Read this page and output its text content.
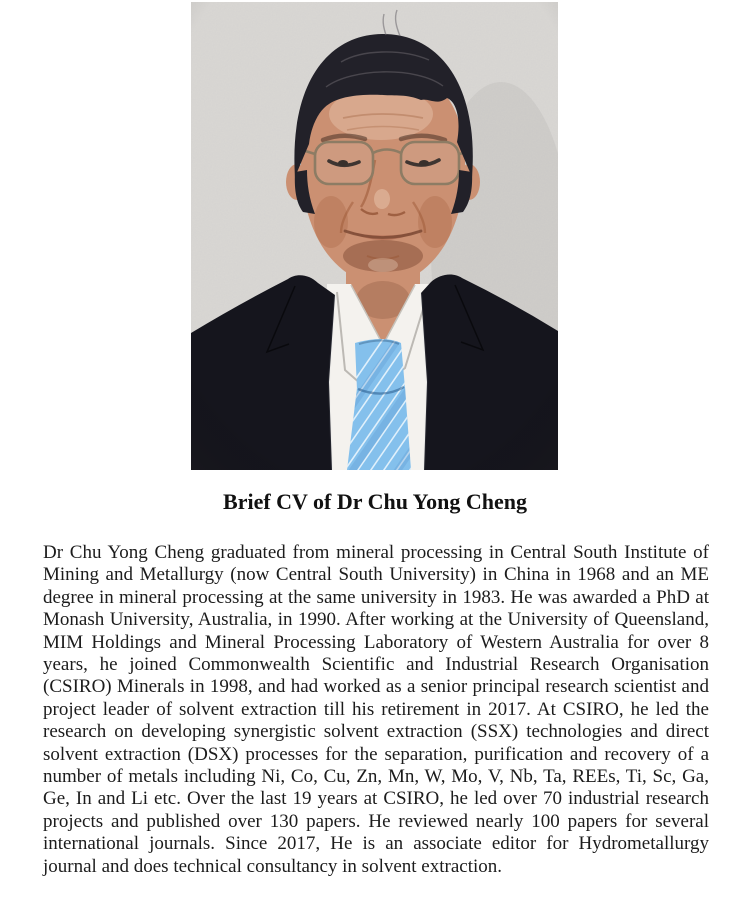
Brief CV of Dr Chu Yong Cheng

Dr Chu Yong Cheng graduated from mineral processing in Central South Institute of Mining and Metallurgy (now Central South University) in China in 1968 and an ME degree in mineral processing at the same university in 1983. He was awarded a PhD at Monash University, Australia, in 1990. After working at the University of Queensland, MIM Holdings and Mineral Processing Laboratory of Western Australia for over 8 years, he joined Commonwealth Scientific and Industrial Research Organisation (CSIRO) Minerals in 1998, and had worked as a senior principal research scientist and project leader of solvent extraction till his retirement in 2017. At CSIRO, he led the research on developing synergistic solvent extraction (SSX) technologies and direct solvent extraction (DSX) processes for the separation, purification and recovery of a number of metals including Ni, Co, Cu, Zn, Mn, W, Mo, V, Nb, Ta, REEs, Ti, Sc, Ga, Ge, In and Li etc. Over the last 19 years at CSIRO, he led over 70 industrial research projects and published over 130 papers. He reviewed nearly 100 papers for several international journals. Since 2017, He is an associate editor for Hydrometallurgy journal and does technical consultancy in solvent extraction.
